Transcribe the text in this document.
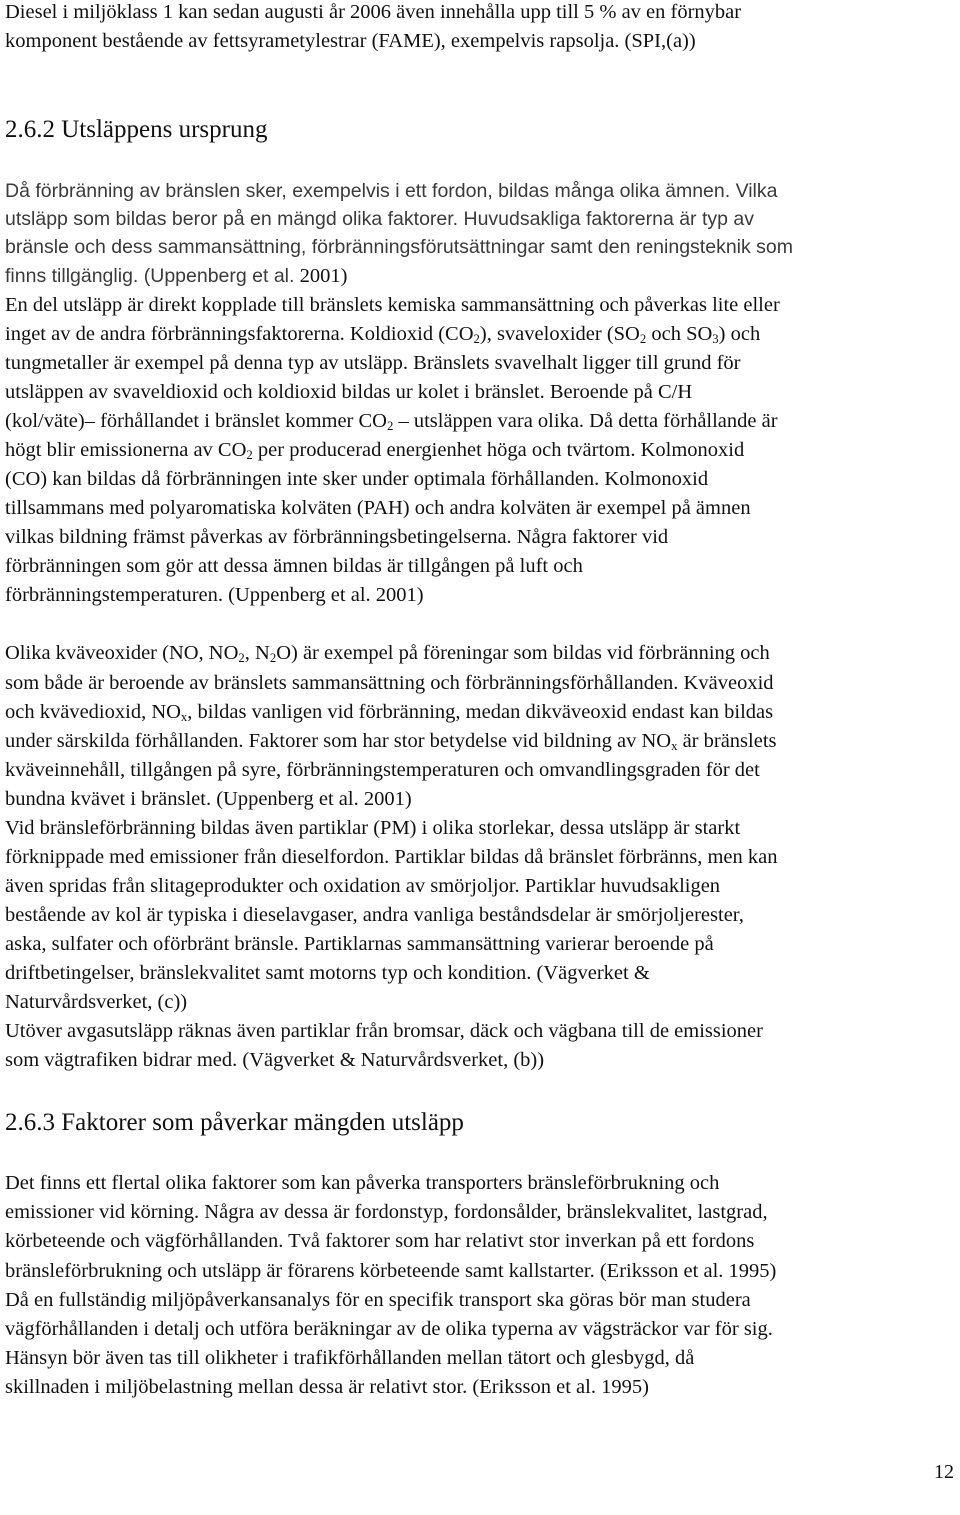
Diesel i miljöklass 1 kan sedan augusti år 2006 även innehålla upp till 5 % av en förnybar
komponent bestående av fettsyrametylestrar (FAME), exempelvis rapsolja. (SPI,(a))
2.6.2 Utsläppens ursprung
Då förbränning av bränslen sker, exempelvis i ett fordon, bildas många olika ämnen. Vilka
utsläpp som bildas beror på en mängd olika faktorer. Huvudsakliga faktorerna är typ av
bränsle och dess sammansättning, förbränningsförutsättningar samt den reningsteknik som
finns tillgänglig. (Uppenberg et al. 2001)
En del utsläpp är direkt kopplade till bränslets kemiska sammansättning och påverkas lite eller
inget av de andra förbränningsfaktorerna. Koldioxid $(CO_2)$, svaveloxider ($SO_2$ och $SO_3$) och
tungmetaller är exempel på denna typ av utsläpp. Bränslets svavelhalt ligger till grund för
utsläppen av svaveldioxid och koldioxid bildas ur kolet i bränslet. Beroende på C/H
(kol/väte)– förhållandet i bränslet kommer $CO_2$ – utsläppen vara olika. Då detta förhållande är
högt blir emissionerna av $CO_2$ per producerad energienhet höga och tvärtom. Kolmonoxid
(CO) kan bildas då förbränningen inte sker under optimala förhållanden. Kolmonoxid
tillsammans med polyaromatiska kolväten (PAH) och andra kolväten är exempel på ämnen
vilkas bildning främst påverkas av förbränningsbetingelserna. Några faktorer vid
förbränningen som gör att dessa ämnen bildas är tillgången på luft och
förbränningstemperaturen. (Uppenberg et al. 2001)
Olika kväveoxider (NO, $NO_2$, $N_2O$) är exempel på föreningar som bildas vid förbränning och
som både är beroende av bränslets sammansättning och förbränningsförhållanden. Kväveoxid
och kvävedioxid, $NO_x$, bildas vanligen vid förbränning, medan dikväveoxid endast kan bildas
under särskilda förhållanden. Faktorer som har stor betydelse vid bildning av $NO_x$ är bränslets
kväveinnehåll, tillgången på syre, förbränningstemperaturen och omvandlingsgraden för det
bundna kvävet i bränslet. (Uppenberg et al. 2001)
Vid bränsleförbränning bildas även partiklar (PM) i olika storlekar, dessa utsläpp är starkt
förknippade med emissioner från dieselfordon. Partiklar bildas då bränslet förbränns, men kan
även spridas från slitageprodukter och oxidation av smörjoljor. Partiklar huvudsakligen
bestående av kol är typiska i dieselavgaser, andra vanliga beståndsdelar är smörjoljerester,
aska, sulfater och oförbränt bränsle. Partiklarnas sammansättning varierar beroende på
driftbetingelser, bränslekvalitet samt motorns typ och kondition. (Vägverket &
Naturvårdsverket, (c))
Utöver avgasutsläpp räknas även partiklar från bromsar, däck och vägbana till de emissioner
som vägtrafiken bidrar med. (Vägverket & Naturvårdsverket, (b))
2.6.3 Faktorer som påverkar mängden utsläpp
Det finns ett flertal olika faktorer som kan påverka transporters bränsleförbrukning och
emissioner vid körning. Några av dessa är fordonstyp, fordonsålder, bränslekvalitet, lastgrad,
körbeteende och vägförhållanden. Två faktorer som har relativt stor inverkan på ett fordons
bränsleförbrukning och utsläpp är förarens körbeteende samt kallstarter. (Eriksson et al. 1995)
Då en fullständig miljöpåverkansanalys för en specifik transport ska göras bör man studera
vägförhållanden i detalj och utföra beräkningar av de olika typerna av vägsträckor var för sig.
Hänsyn bör även tas till olikheter i trafikförhållanden mellan tätort och glesbygd, då
skillnaden i miljöbelastning mellan dessa är relativt stor. (Eriksson et al. 1995)
12
